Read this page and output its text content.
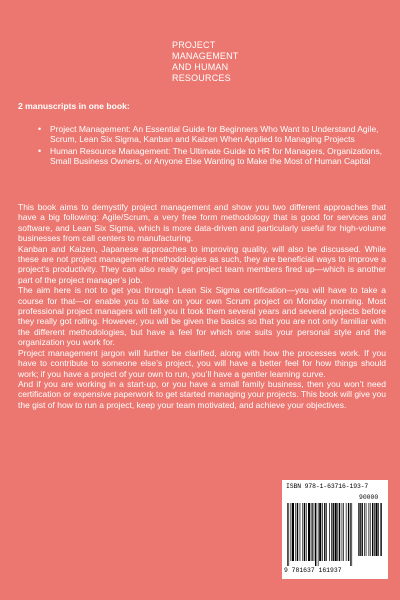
PROJECT
MANAGEMENT
AND HUMAN
RESOURCES
2 manuscripts in one book:
• Project Management: An Essential Guide for Beginners Who Want to Understand Agile, Scrum, Lean Six Sigma, Kanban and Kaizen When Applied to Managing Projects
• Human Resource Management: The Ultimate Guide to HR for Managers, Organizations, Small Business Owners, or Anyone Else Wanting to Make the Most of Human Capital

This book aims to demystify project management and show you two different approaches that have a big following: Agile/Scrum, a very free form methodology that is good for services and software, and Lean Six Sigma, which is more data-driven and particularly useful for high-volume businesses from call centers to manufacturing.

Kanban and Kaizen, Japanese approaches to improving quality, will also be discussed. While these are not project management methodologies as such, they are beneficial ways to improve a project’s productivity. They can also really get project team members fired up—which is another part of the project manager’s job.

The aim here is not to get you through Lean Six Sigma certification—you will have to take a course for that—or enable you to take on your own Scrum project on Monday morning. Most professional project managers will tell you it took them several years and several projects before they really got rolling. However, you will be given the basics so that you are not only familiar with the different methodologies, but have a feel for which one suits your personal style and the organization you work for.

Project management jargon will further be clarified, along with how the processes work. If you have to contribute to someone else’s project, you will have a better feel for how things should work; if you have a project of your own to run, you’ll have a gentler learning curve.

And if you are working in a start-up, or you have a small family business, then you won’t need certification or expensive paperwork to get started managing your projects. This book will give you the gist of how to run a project, keep your team motivated, and achieve your objectives.

ISBN 978-1-63716-193-7
90000
9 781637 161937
